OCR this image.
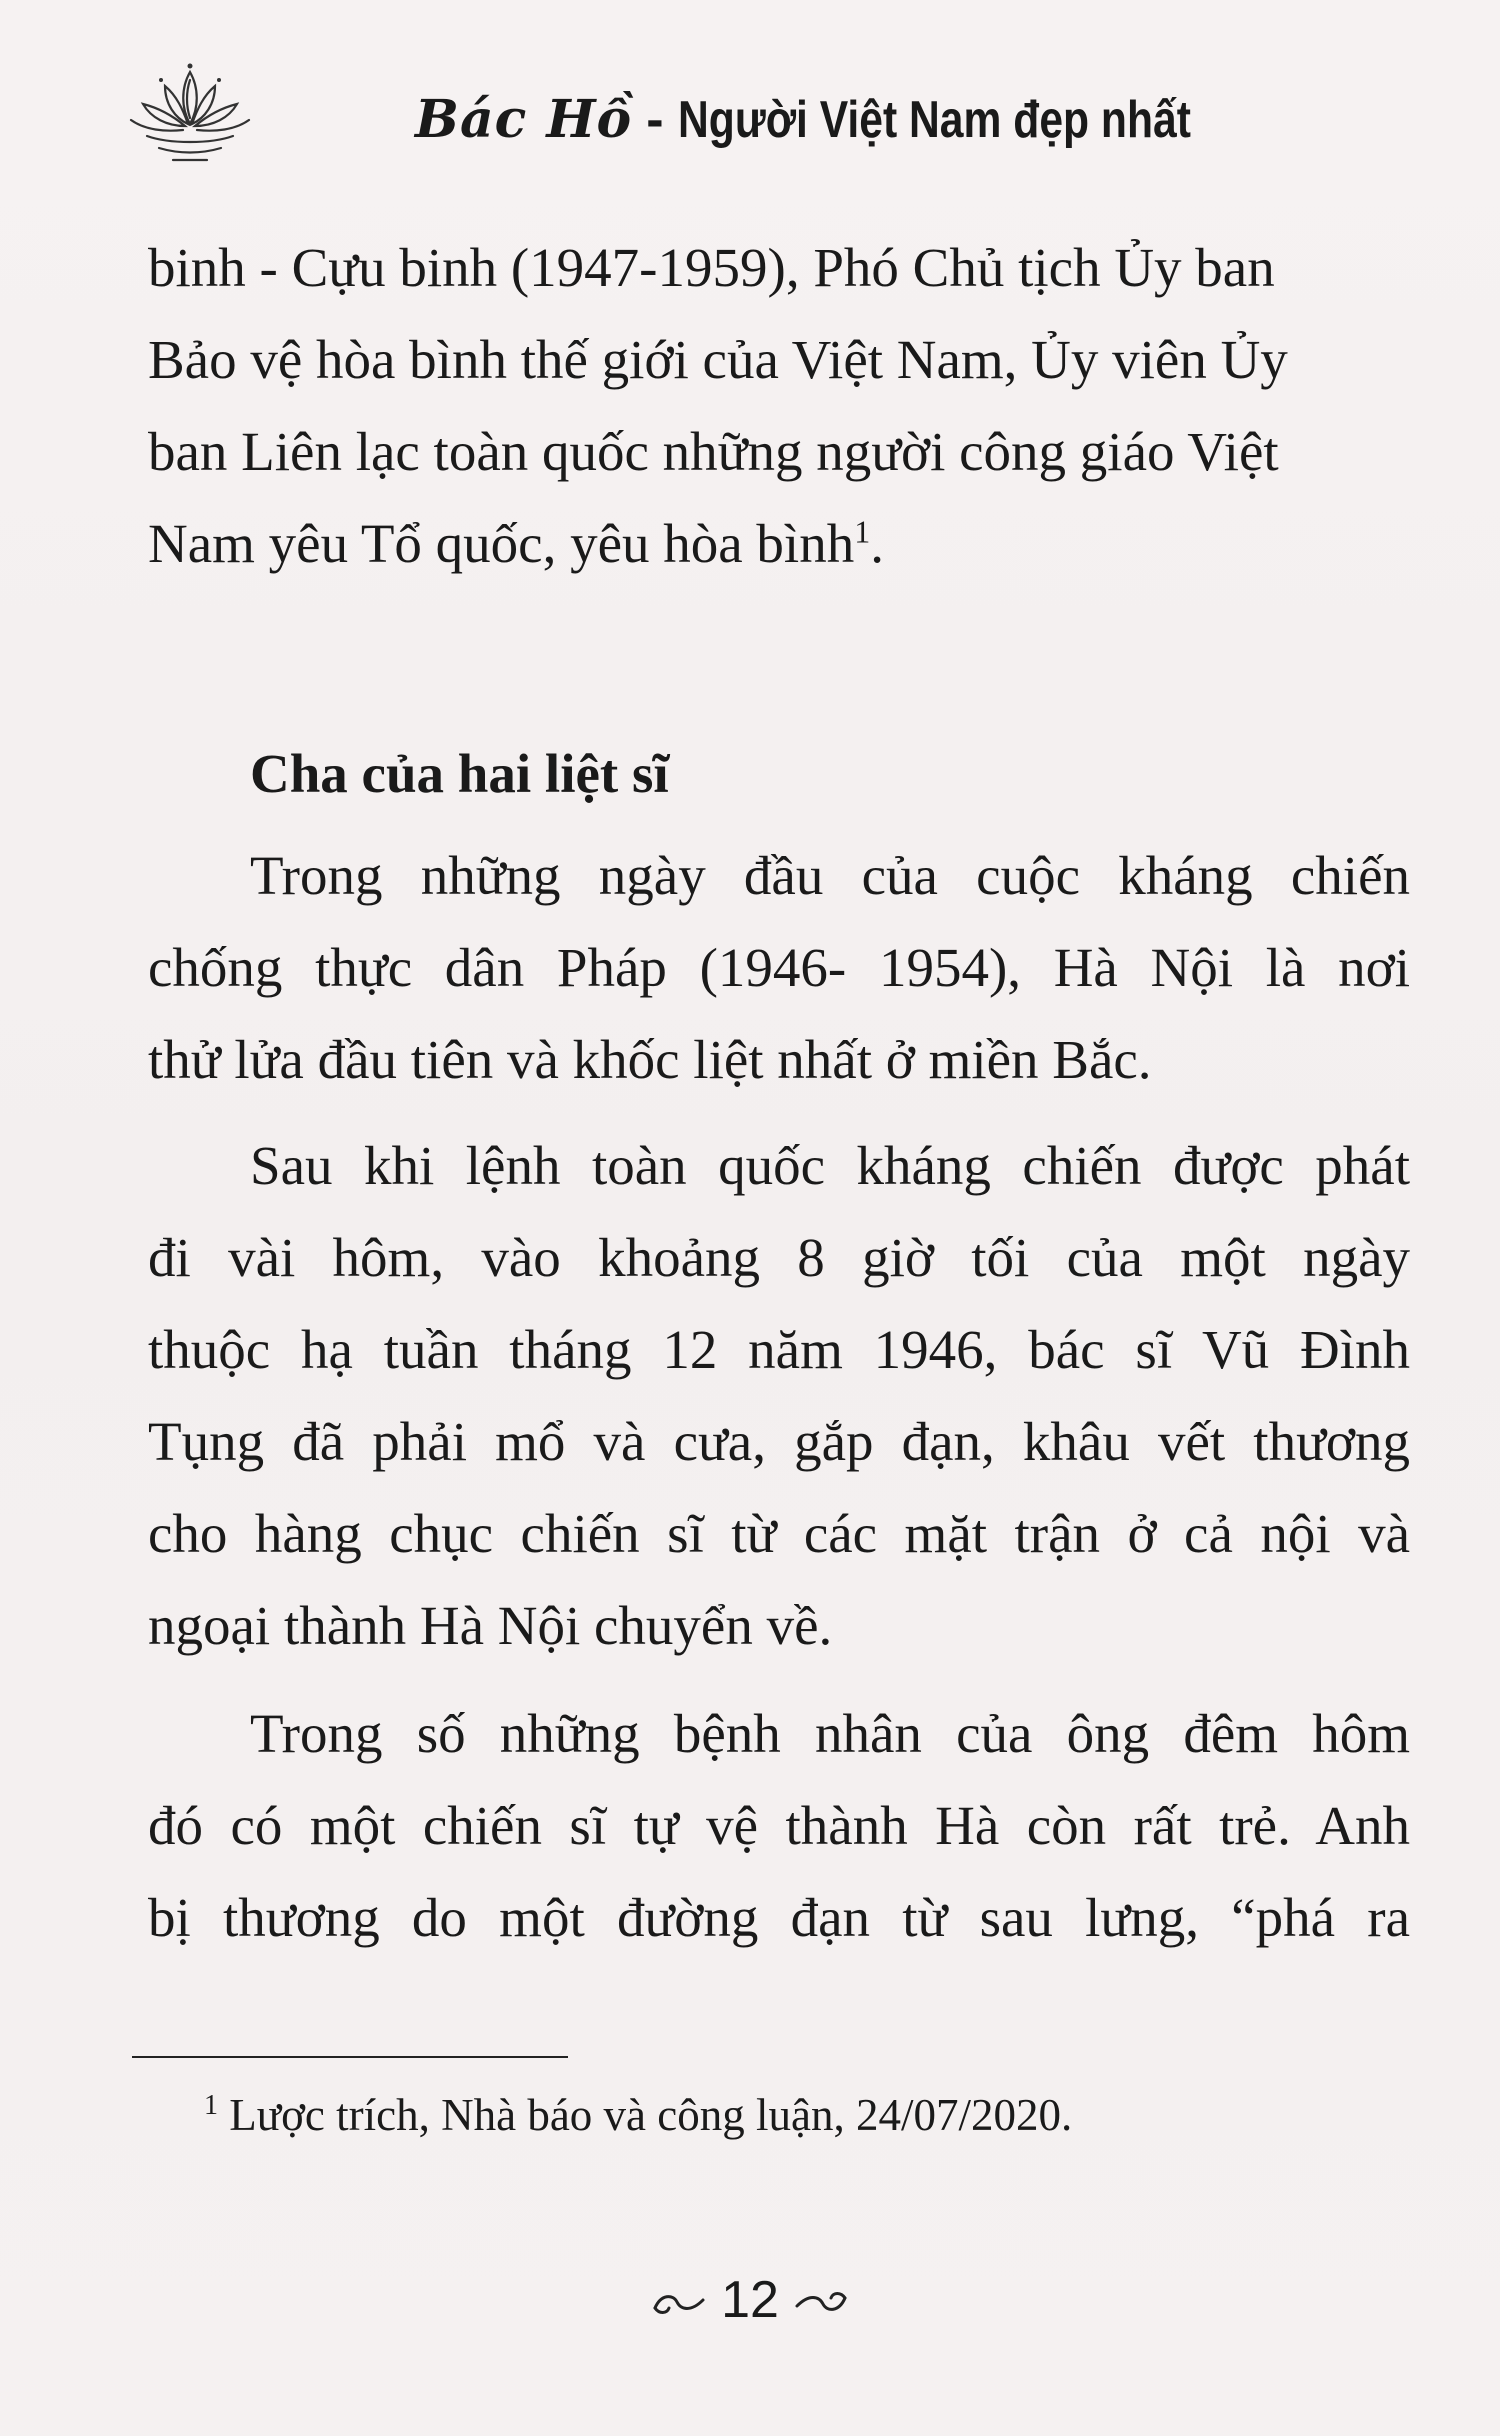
Bác Hồ - Người Việt Nam đẹp nhất
binh - Cựu binh (1947-1959), Phó Chủ tịch Ủy ban
Bảo vệ hòa bình thế giới của Việt Nam, Ủy viên Ủy
ban Liên lạc toàn quốc những người công giáo Việt
Nam yêu Tổ quốc, yêu hòa bình$^1$.
Cha của hai liệt sĩ
Trong những ngày đầu của cuộc kháng chiến
chống thực dân Pháp (1946- 1954), Hà Nội là nơi
thử lửa đầu tiên và khốc liệt nhất ở miền Bắc.
Sau khi lệnh toàn quốc kháng chiến được phát
đi vài hôm, vào khoảng 8 giờ tối của một ngày
thuộc hạ tuần tháng 12 năm 1946, bác sĩ Vũ Đình
Tụng đã phải mổ và cưa, gắp đạn, khâu vết thương
cho hàng chục chiến sĩ từ các mặt trận ở cả nội và
ngoại thành Hà Nội chuyển về.
Trong số những bệnh nhân của ông đêm hôm
đó có một chiến sĩ tự vệ thành Hà còn rất trẻ. Anh
bị thương do một đường đạn từ sau lưng, “phá ra
$^1$ Lược trích, Nhà báo và công luận, 24/07/2020.
12
